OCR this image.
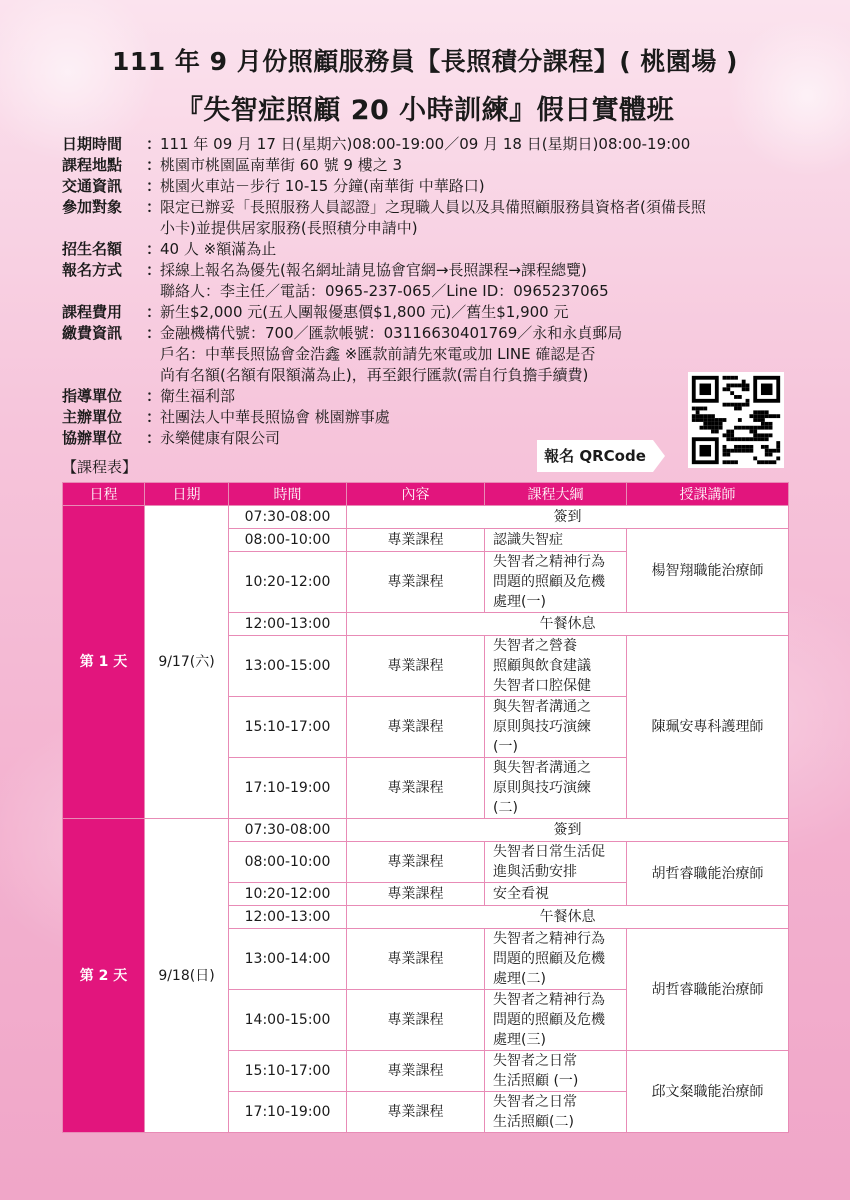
111 年 9 月份照顧服務員【長照積分課程】( 桃園場 )
『失智症照顧 20 小時訓練』假日實體班
日期時間	：
111 年 09 月 17 日(星期六)08:00-19:00／09 月 18 日(星期日)08:00-19:00
課程地點	：
桃園市桃園區南華街 60 號 9 樓之 3
交通資訊	：
桃園火車站－步行 10-15 分鐘(南華街 中華路口)
參加對象	：
限定已辦妥「長照服務人員認證」之現職人員以及具備照顧服務員資格者(須備長照
小卡)並提供居家服務(長照積分申請中)
招生名額	：
40 人 ※額滿為止
報名方式	：
採線上報名為優先(報名網址請見協會官網→長照課程→課程總覽)
聯絡人：李主任／電話：0965-237-065／Line ID：0965237065
課程費用	：
新生$2,000 元(五人團報優惠價$1,800 元)／舊生$1,900 元
繳費資訊	：
金融機構代號：700／匯款帳號：03116630401769／永和永貞郵局
戶名：中華長照協會金浩鑫 ※匯款前請先來電或加 LINE 確認是否
尚有名額(名額有限額滿為止)，再至銀行匯款(需自行負擔手續費)
指導單位	：
衛生福利部
主辦單位	：
社團法人中華長照協會 桃園辦事處
協辦單位	：
永樂健康有限公司
報名 QRCode
【課程表】
日程	日期	時間	內容	課程大綱	授課講師
第 1 天	9/17(六)	07:30-08:00	簽到		
		08:00-10:00	專業課程	認識失智症	楊智翔職能治療師
		10:20-12:00	專業課程	失智者之精神行為
問題的照顧及危機
處理(一)	

		12:00-13:00	午餐休息		
		13:00-15:00	專業課程	失智者之營養
照顧與飲食建議
失智者口腔保健	陳珮安專科護理師

		15:10-17:00	專業課程	與失智者溝通之
原則與技巧演練
(一)	

		17:10-19:00	專業課程	與失智者溝通之
原則與技巧演練
(二)	

第 2 天	9/18(日)	07:30-08:00	簽到		
		08:00-10:00	專業課程	失智者日常生活促
進與活動安排	胡哲睿職能治療師
		10:20-12:00	專業課程	安全看視	
		12:00-13:00	午餐休息		
		13:00-14:00	專業課程	失智者之精神行為
問題的照顧及危機
處理(二)	胡哲睿職能治療師
		14:00-15:00	專業課程	失智者之精神行為
問題的照顧及危機
處理(三)	

		15:10-17:00	專業課程	失智者之日常
生活照顧 (一)	邱文粲職能治療師
		17:10-19:00	專業課程	失智者之日常
生活照顧(二)	
